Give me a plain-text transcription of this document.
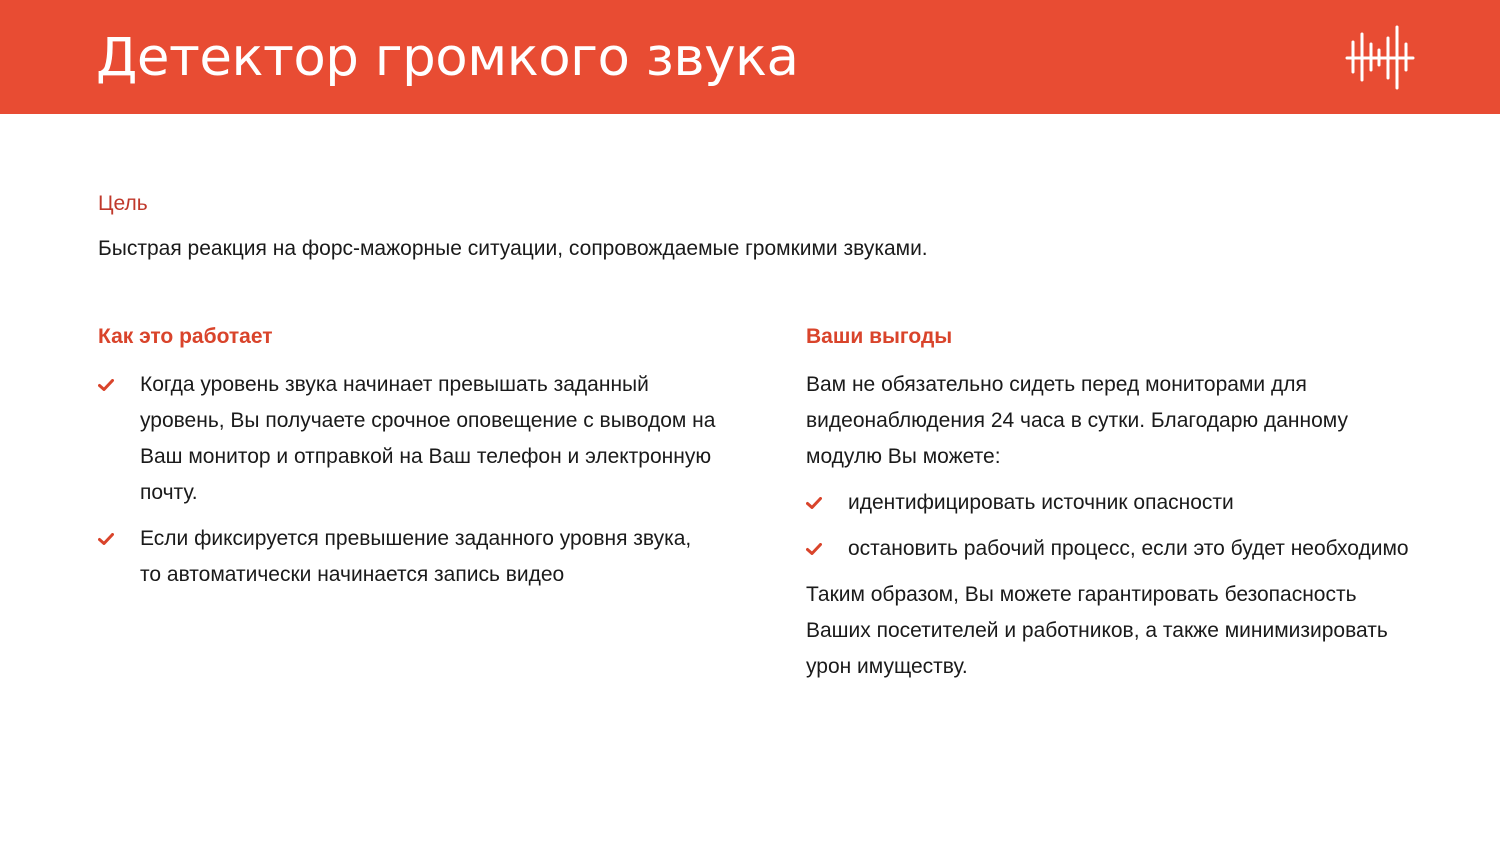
Детектор громкого звука
Цель
Быстрая реакция на форс-мажорные ситуации, сопровождаемые громкими звуками.
Как это работает
Когда уровень звука начинает превышать заданный уровень, Вы получаете срочное оповещение с выводом на Ваш монитор и отправкой на Ваш телефон и электронную почту.
Если фиксируется превышение заданного уровня звука, то автоматически начинается запись видео
Ваши выгоды
Вам не обязательно сидеть перед мониторами для видеонаблюдения 24 часа в сутки. Благодарю данному модулю Вы можете:
идентифицировать источник опасности
остановить рабочий процесс, если это будет необходимо
Таким образом, Вы можете гарантировать безопасность Ваших посетителей и работников, а также минимизировать урон имуществу.
